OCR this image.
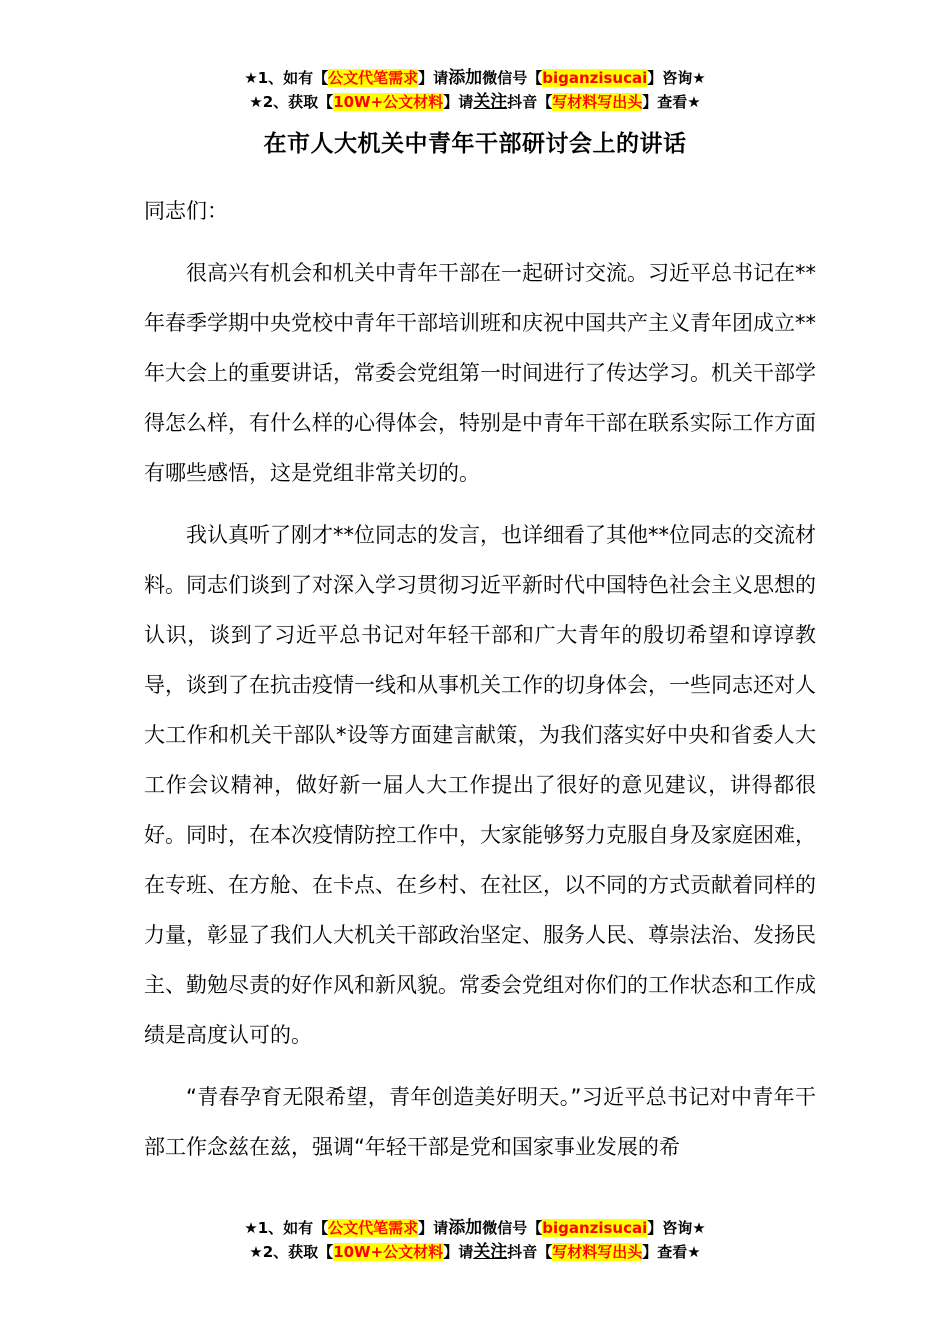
★1、如有【公文代笔需求】请添加微信号【biganzisucai】咨询★
★2、获取【10W+公文材料】请关注抖音【写材料写出头】查看★
在市人大机关中青年干部研讨会上的讲话

同志们：

很高兴有机会和机关中青年干部在一起研讨交流。习近平总书记在**年春季学期中央党校中青年干部培训班和庆祝中国共产主义青年团成立**年大会上的重要讲话，常委会党组第一时间进行了传达学习。机关干部学得怎么样，有什么样的心得体会，特别是中青年干部在联系实际工作方面有哪些感悟，这是党组非常关切的。

我认真听了刚才**位同志的发言，也详细看了其他**位同志的交流材料。同志们谈到了对深入学习贯彻习近平新时代中国特色社会主义思想的认识，谈到了习近平总书记对年轻干部和广大青年的殷切希望和谆谆教导，谈到了在抗击疫情一线和从事机关工作的切身体会，一些同志还对人大工作和机关干部队*设等方面建言献策，为我们落实好中央和省委人大工作会议精神，做好新一届人大工作提出了很好的意见建议，讲得都很好。同时，在本次疫情防控工作中，大家能够努力克服自身及家庭困难，在专班、在方舱、在卡点、在乡村、在社区，以不同的方式贡献着同样的力量，彰显了我们人大机关干部政治坚定、服务人民、尊崇法治、发扬民主、勤勉尽责的好作风和新风貌。常委会党组对你们的工作状态和工作成绩是高度认可的。

“青春孕育无限希望，青年创造美好明天。”习近平总书记对中青年干部工作念兹在兹，强调“年轻干部是党和国家事业发展的希

★1、如有【公文代笔需求】请添加微信号【biganzisucai】咨询★
★2、获取【10W+公文材料】请关注抖音【写材料写出头】查看★
